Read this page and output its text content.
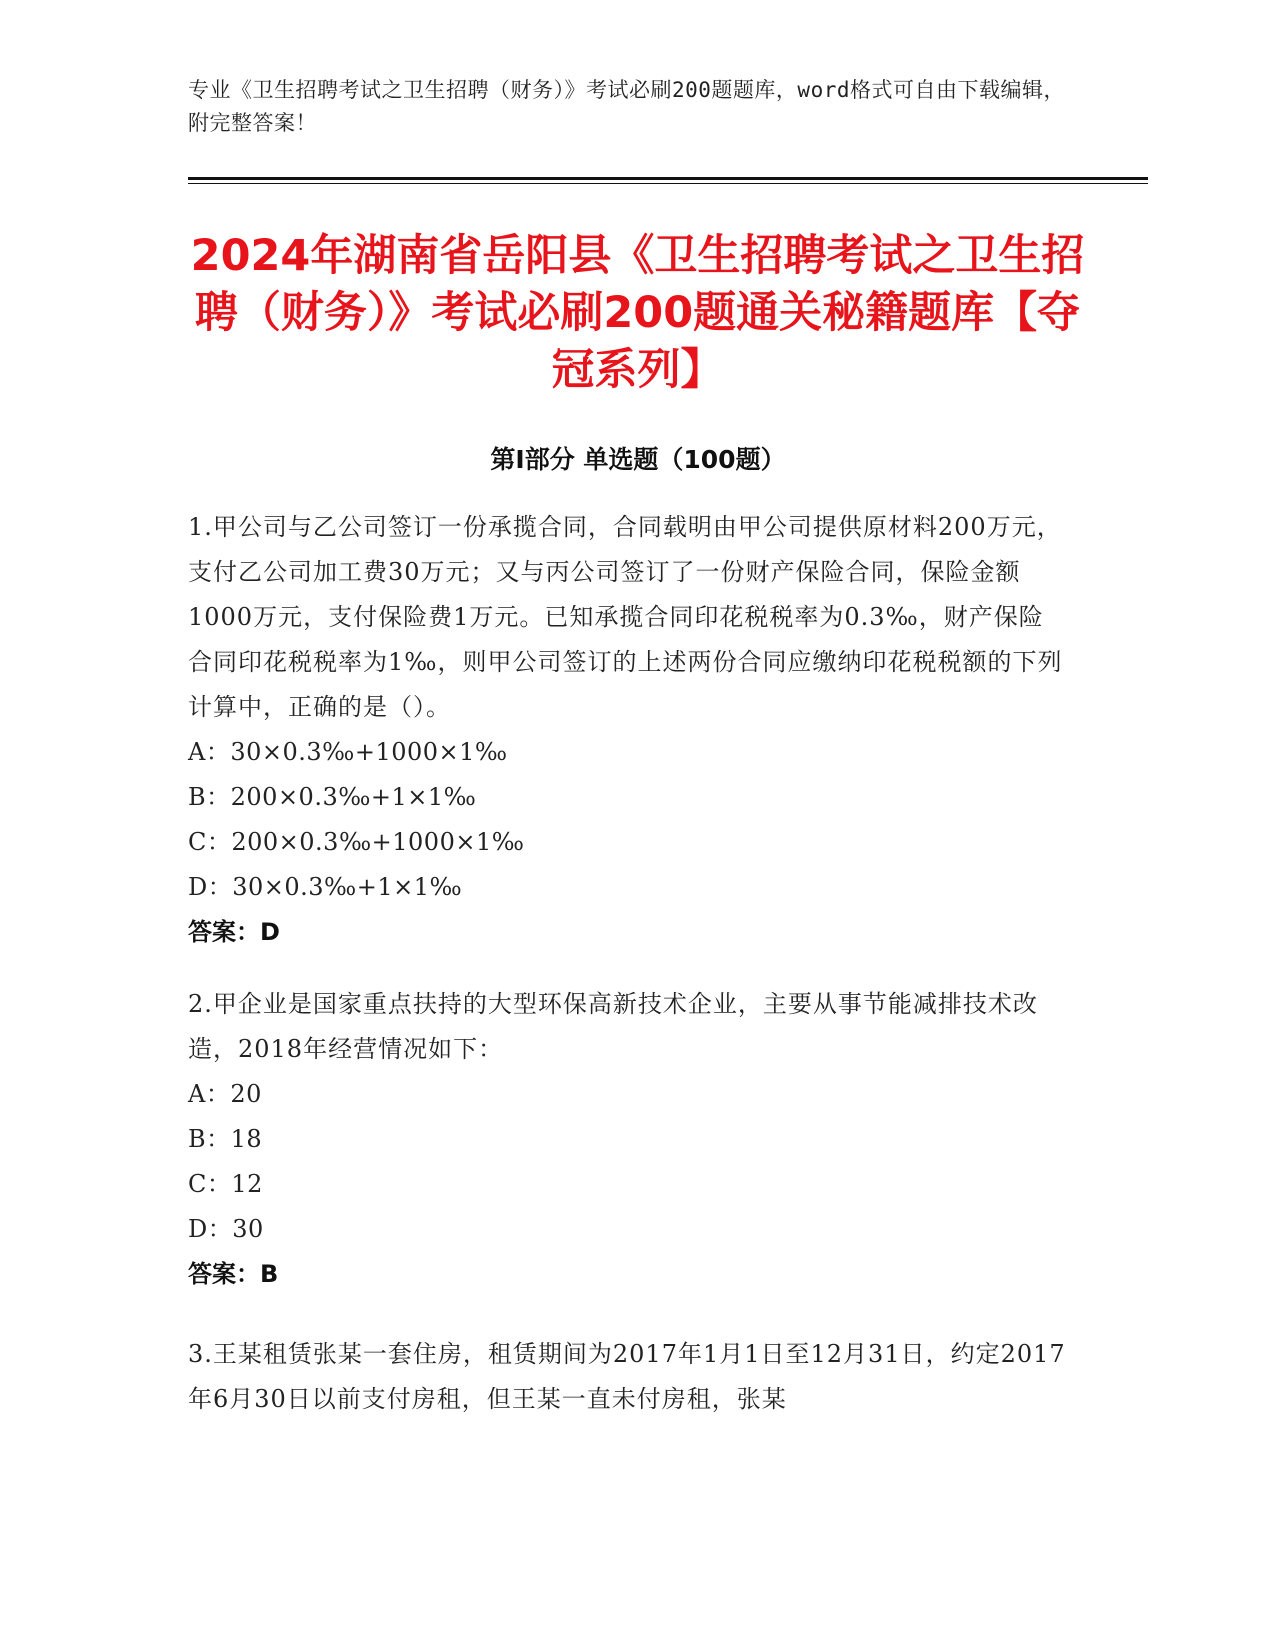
专业《卫生招聘考试之卫生招聘（财务）》考试必刷200题题库，word格式可自由下载编辑，附完整答案！
2024年湖南省岳阳县《卫生招聘考试之卫生招聘（财务）》考试必刷200题通关秘籍题库【夺冠系列】
第Ⅰ部分 单选题（100题）
1.甲公司与乙公司签订一份承揽合同，合同载明由甲公司提供原材料200万元，支付乙公司加工费30万元；又与丙公司签订了一份财产保险合同，保险金额1000万元，支付保险费1万元。已知承揽合同印花税税率为0.3‰，财产保险合同印花税税率为1‰，则甲公司签订的上述两份合同应缴纳印花税税额的下列计算中，正确的是（）。
A：30×0.3‰+1000×1‰
B：200×0.3‰+1×1‰
C：200×0.3‰+1000×1‰
D：30×0.3‰+1×1‰
答案：D
2.甲企业是国家重点扶持的大型环保高新技术企业，主要从事节能减排技术改造，2018年经营情况如下：
A：20
B：18
C：12
D：30
答案：B
3.王某租赁张某一套住房，租赁期间为2017年1月1日至12月31日，约定2017年6月30日以前支付房租，但王某一直未付房租，张某
